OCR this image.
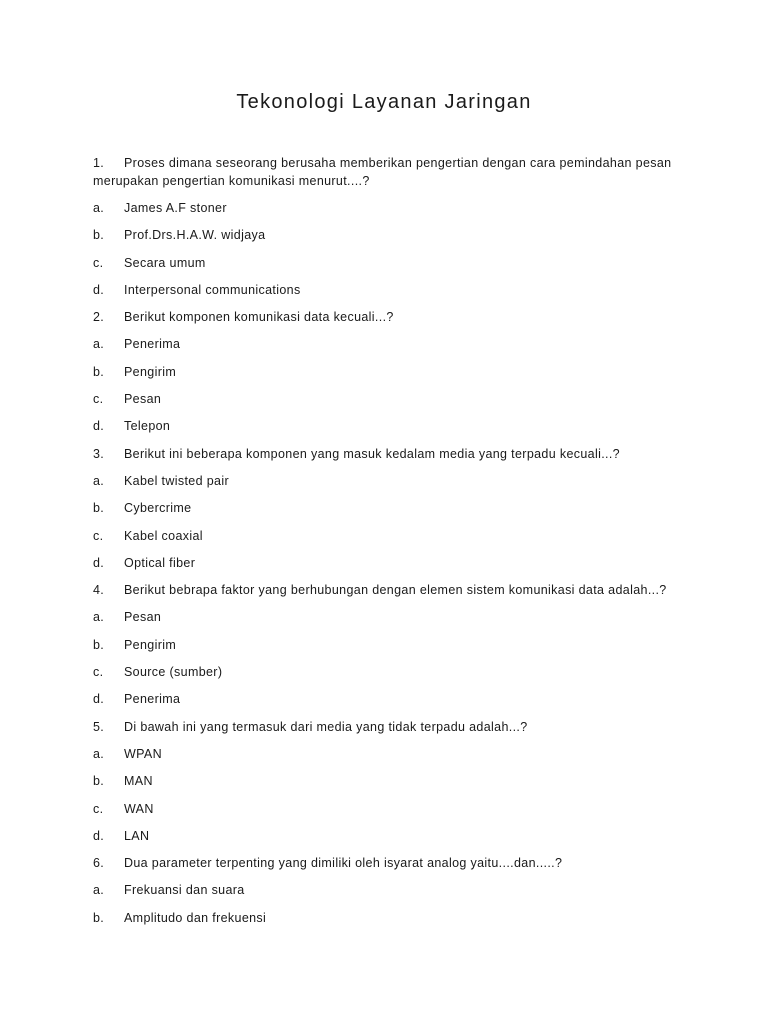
Tekonologi Layanan Jaringan
1. Proses dimana seseorang berusaha memberikan pengertian dengan cara pemindahan pesan
merupakan pengertian komunikasi menurut....?
a.	James A.F stoner
b.	Prof.Drs.H.A.W. widjaya
c.	Secara umum
d.	Interpersonal communications
2.	Berikut komponen komunikasi data kecuali...?
a.	Penerima
b.	Pengirim
c.	Pesan
d.	Telepon
3.	Berikut ini beberapa komponen yang masuk kedalam media yang terpadu kecuali...?
a.	Kabel twisted pair
b.	Cybercrime
c.	Kabel coaxial
d.	Optical fiber
4.	Berikut bebrapa faktor yang berhubungan dengan elemen sistem komunikasi data adalah...?
a.	Pesan
b.	Pengirim
c.	Source (sumber)
d.	Penerima
5.	Di bawah ini yang termasuk dari media yang tidak terpadu adalah...?
a.	WPAN
b.	MAN
c.	WAN
d.	LAN
6.	Dua parameter terpenting yang dimiliki oleh isyarat analog yaitu....dan.....?
a.	Frekuansi dan suara
b.	Amplitudo dan frekuensi
